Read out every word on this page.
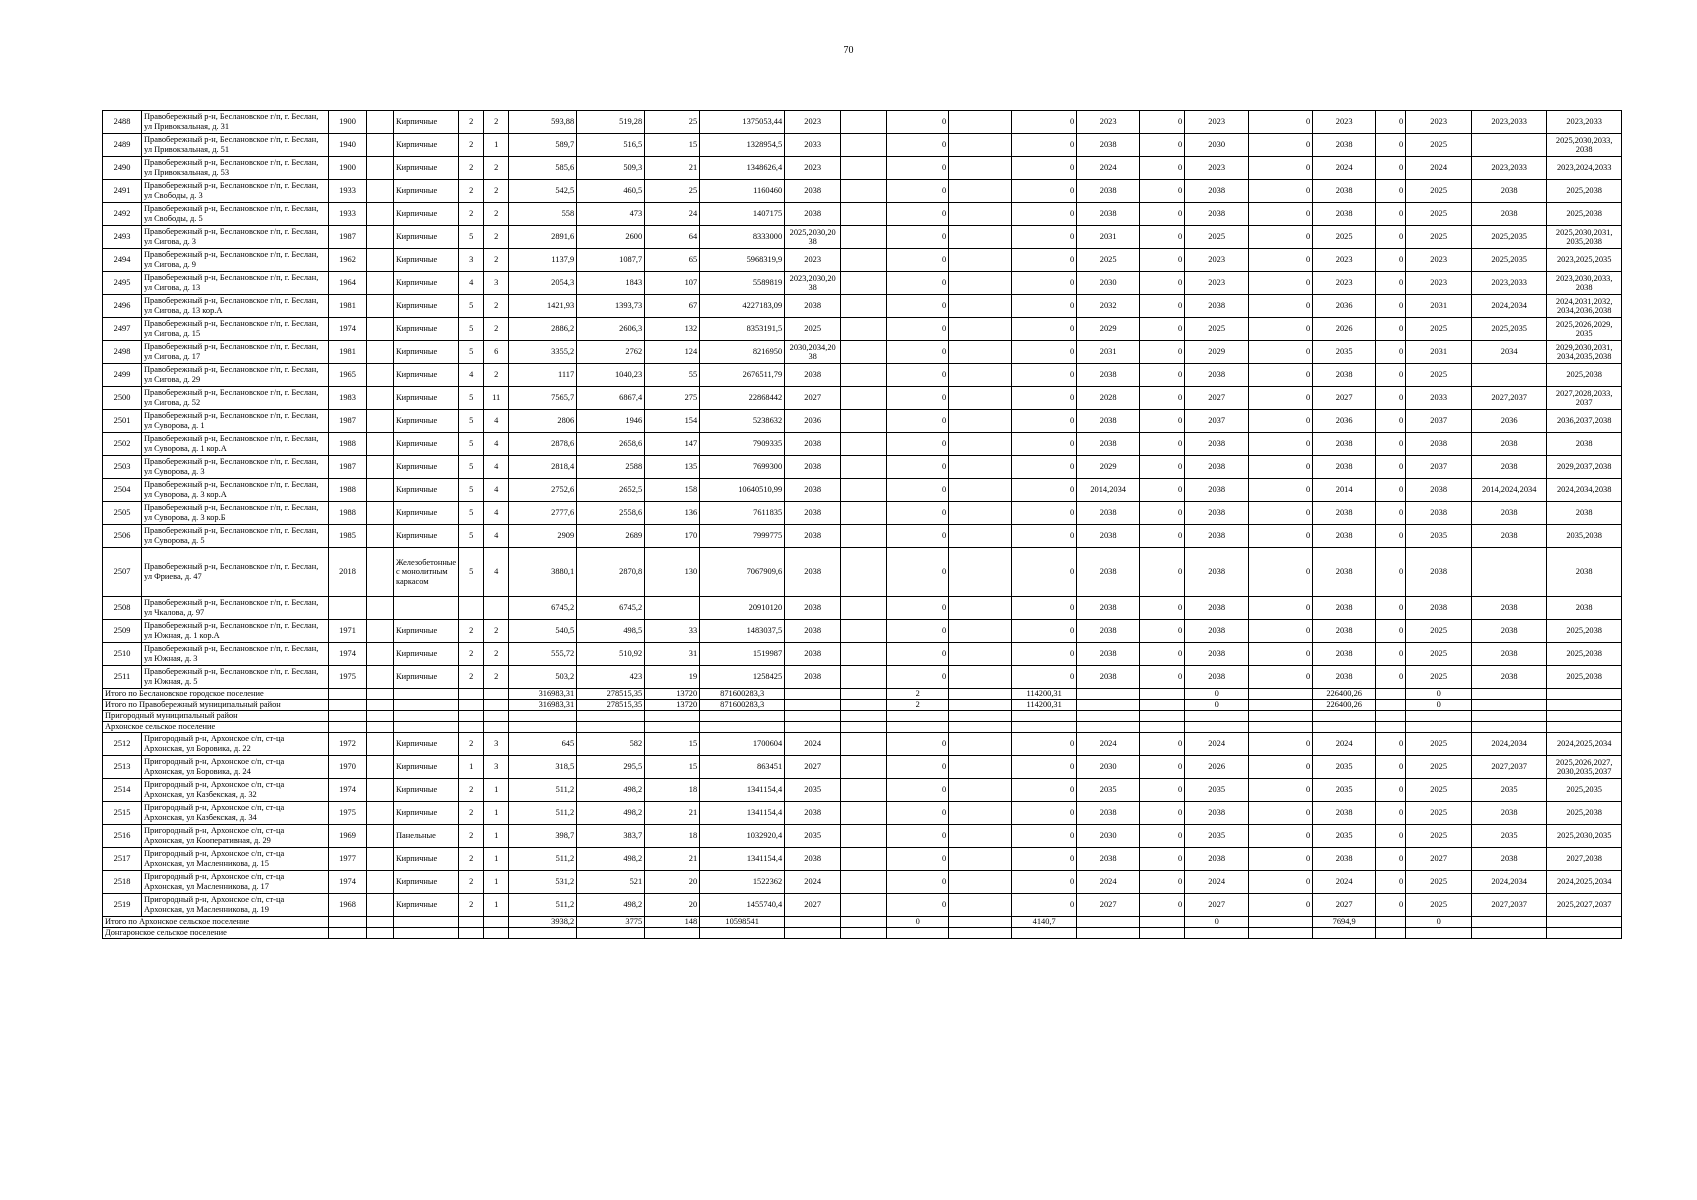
70
2488	Правобережный р-н, Беслановское г/п, г. Беслан, ул Привокзальная, д. 31	1900		Кирпичные	2	2	593,88	519,28	25	1375053,44	2023		0		0	2023	0	2023	0	2023	0	2023	2023,2033	2023,2033
2489	Правобережный р-н, Беслановское г/п, г. Беслан, ул Привокзальная, д. 51	1940		Кирпичные	2	1	589,7	516,5	15	1328954,5	2033		0		0	2038	0	2030	0	2038	0	2025		2025,2030,2033, 2038
2490	Правобережный р-н, Беслановское г/п, г. Беслан, ул Привокзальная, д. 53	1900		Кирпичные	2	2	585,6	509,3	21	1348626,4	2023		0		0	2024	0	2023	0	2024	0	2024	2023,2033	2023,2024,2033
2491	Правобережный р-н, Беслановское г/п, г. Беслан, ул Свободы, д. 3	1933		Кирпичные	2	2	542,5	460,5	25	1160460	2038		0		0	2038	0	2038	0	2038	0	2025	2038	2025,2038
2492	Правобережный р-н, Беслановское г/п, г. Беслан, ул Свободы, д. 5	1933		Кирпичные	2	2	558	473	24	1407175	2038		0		0	2038	0	2038	0	2038	0	2025	2038	2025,2038
2493	Правобережный р-н, Беслановское г/п, г. Беслан, ул Сигова, д. 3	1987		Кирпичные	5	2	2891,6	2600	64	8333000	2025,2030,20 38		0		0	2031	0	2025	0	2025	0	2025	2025,2035	2025,2030,2031, 2035,2038
2494	Правобережный р-н, Беслановское г/п, г. Беслан, ул Сигова, д. 9	1962		Кирпичные	3	2	1137,9	1087,7	65	5968319,9	2023		0		0	2025	0	2023	0	2023	0	2023	2025,2035	2023,2025,2035
2495	Правобережный р-н, Беслановское г/п, г. Беслан, ул Сигова, д. 13	1964		Кирпичные	4	3	2054,3	1843	107	5589819	2023,2030,20 38		0		0	2030	0	2023	0	2023	0	2023	2023,2033	2023,2030,2033, 2038
2496	Правобережный р-н, Беслановское г/п, г. Беслан, ул Сигова, д. 13 кор.А	1981		Кирпичные	5	2	1421,93	1393,73	67	4227183,09	2038		0		0	2032	0	2038	0	2036	0	2031	2024,2034	2024,2031,2032, 2034,2036,2038
2497	Правобережный р-н, Беслановское г/п, г. Беслан, ул Сигова, д. 15	1974		Кирпичные	5	2	2886,2	2606,3	132	8353191,5	2025		0		0	2029	0	2025	0	2026	0	2025	2025,2035	2025,2026,2029, 2035
2498	Правобережный р-н, Беслановское г/п, г. Беслан, ул Сигова, д. 17	1981		Кирпичные	5	6	3355,2	2762	124	8216950	2030,2034,20 38		0		0	2031	0	2029	0	2035	0	2031	2034	2029,2030,2031, 2034,2035,2038
2499	Правобережный р-н, Беслановское г/п, г. Беслан, ул Сигова, д. 29	1965		Кирпичные	4	2	1117	1040,23	55	2676511,79	2038		0		0	2038	0	2038	0	2038	0	2025		2025,2038
2500	Правобережный р-н, Беслановское г/п, г. Беслан, ул Сигова, д. 52	1983		Кирпичные	5	11	7565,7	6867,4	275	22868442	2027		0		0	2028	0	2027	0	2027	0	2033	2027,2037	2027,2028,2033, 2037
2501	Правобережный р-н, Беслановское г/п, г. Беслан, ул Суворова, д. 1	1987		Кирпичные	5	4	2806	1946	154	5238632	2036		0		0	2038	0	2037	0	2036	0	2037	2036	2036,2037,2038
2502	Правобережный р-н, Беслановское г/п, г. Беслан, ул Суворова, д. 1 кор.А	1988		Кирпичные	5	4	2878,6	2658,6	147	7909335	2038		0		0	2038	0	2038	0	2038	0	2038	2038	2038
2503	Правобережный р-н, Беслановское г/п, г. Беслан, ул Суворова, д. 3	1987		Кирпичные	5	4	2818,4	2588	135	7699300	2038		0		0	2029	0	2038	0	2038	0	2037	2038	2029,2037,2038
2504	Правобережный р-н, Беслановское г/п, г. Беслан, ул Суворова, д. 3 кор.А	1988		Кирпичные	5	4	2752,6	2652,5	158	10640510,99	2038		0		0	2014,2034	0	2038	0	2014	0	2038	2014,2024,2034	2024,2034,2038
2505	Правобережный р-н, Беслановское г/п, г. Беслан, ул Суворова, д. 3 кор.Б	1988		Кирпичные	5	4	2777,6	2558,6	136	7611835	2038		0		0	2038	0	2038	0	2038	0	2038	2038	2038
2506	Правобережный р-н, Беслановское г/п, г. Беслан, ул Суворова, д. 5	1985		Кирпичные	5	4	2909	2689	170	7999775	2038		0		0	2038	0	2038	0	2038	0	2035	2038	2035,2038
2507	Правобережный р-н, Беслановское г/п, г. Беслан, ул Фриева, д. 47	2018		Железобетонные с монолитным каркасом	5	4	3880,1	2870,8	130	7067909,6	2038		0		0	2038	0	2038	0	2038	0	2038		2038
2508	Правобережный р-н, Беслановское г/п, г. Беслан, ул Чкалова, д. 97						6745,2	6745,2		20910120	2038		0		0	2038	0	2038	0	2038	0	2038	2038	2038
2509	Правобережный р-н, Беслановское г/п, г. Беслан, ул Южная, д. 1 кор.А	1971		Кирпичные	2	2	540,5	498,5	33	1483037,5	2038		0		0	2038	0	2038	0	2038	0	2025	2038	2025,2038
2510	Правобережный р-н, Беслановское г/п, г. Беслан, ул Южная, д. 3	1974		Кирпичные	2	2	555,72	510,92	31	1519987	2038		0		0	2038	0	2038	0	2038	0	2025	2038	2025,2038
2511	Правобережный р-н, Беслановское г/п, г. Беслан, ул Южная, д. 5	1975		Кирпичные	2	2	503,2	423	19	1258425	2038		0		0	2038	0	2038	0	2038	0	2025	2038	2025,2038
Итого по Беслановское городское поселение							316983,31	278515,35	13720	871600283,3			2		114200,31			0		226400,26		0		
Итого по Правобережный муниципальный район							316983,31	278515,35	13720	871600283,3			2		114200,31			0		226400,26		0		
Пригородный муниципальный район																								
Архонское сельское поселение																								
2512	Пригородный р-н, Архонское с/п, ст-ца Архонская, ул Боровика, д. 22	1972		Кирпичные	2	3	645	582	15	1700604	2024		0		0	2024	0	2024	0	2024	0	2025	2024,2034	2024,2025,2034
2513	Пригородный р-н, Архонское с/п, ст-ца Архонская, ул Боровика, д. 24	1970		Кирпичные	1	3	318,5	295,5	15	863451	2027		0		0	2030	0	2026	0	2035	0	2025	2027,2037	2025,2026,2027, 2030,2035,2037
2514	Пригородный р-н, Архонское с/п, ст-ца Архонская, ул Казбекская, д. 32	1974		Кирпичные	2	1	511,2	498,2	18	1341154,4	2035		0		0	2035	0	2035	0	2035	0	2025	2035	2025,2035
2515	Пригородный р-н, Архонское с/п, ст-ца Архонская, ул Казбекская, д. 34	1975		Кирпичные	2	1	511,2	498,2	21	1341154,4	2038		0		0	2038	0	2038	0	2038	0	2025	2038	2025,2038
2516	Пригородный р-н, Архонское с/п, ст-ца Архонская, ул Кооперативная, д. 29	1969		Панельные	2	1	398,7	383,7	18	1032920,4	2035		0		0	2030	0	2035	0	2035	0	2025	2035	2025,2030,2035
2517	Пригородный р-н, Архонское с/п, ст-ца Архонская, ул Масленникова, д. 15	1977		Кирпичные	2	1	511,2	498,2	21	1341154,4	2038		0		0	2038	0	2038	0	2038	0	2027	2038	2027,2038
2518	Пригородный р-н, Архонское с/п, ст-ца Архонская, ул Масленникова, д. 17	1974		Кирпичные	2	1	531,2	521	20	1522362	2024		0		0	2024	0	2024	0	2024	0	2025	2024,2034	2024,2025,2034
2519	Пригородный р-н, Архонское с/п, ст-ца Архонская, ул Масленникова, д. 19	1968		Кирпичные	2	1	511,2	498,2	20	1455740,4	2027		0		0	2027	0	2027	0	2027	0	2025	2027,2037	2025,2027,2037
Итого по Архонское сельское поселение							3938,2	3775	148	10598541			0		4140,7			0		7694,9		0		
Донгаронское сельское поселение																								
